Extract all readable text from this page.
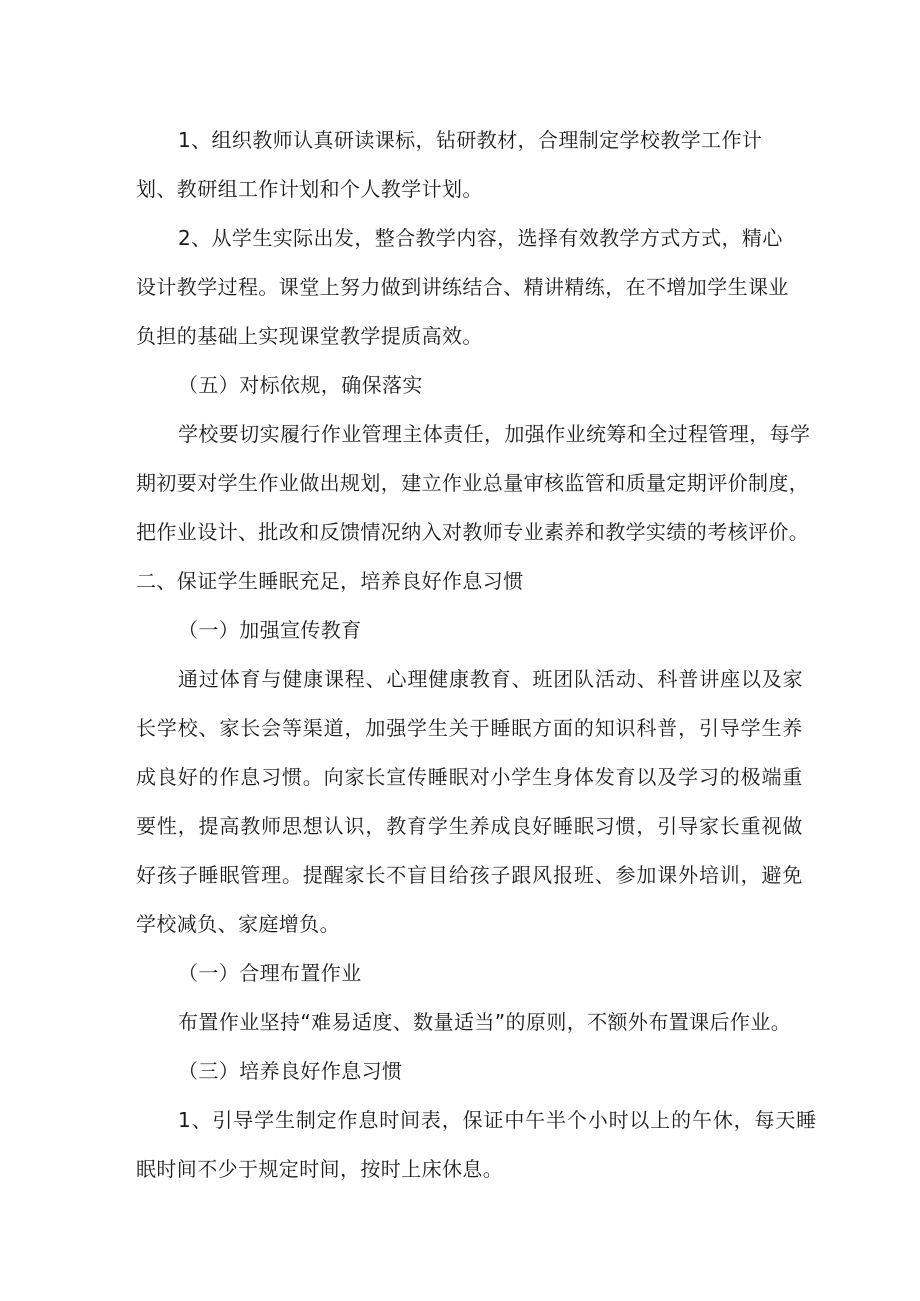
1、组织教师认真研读课标，钻研教材，合理制定学校教学工作计
划、教研组工作计划和个人教学计划。
2、从学生实际出发，整合教学内容，选择有效教学方式方式，精心
设计教学过程。课堂上努力做到讲练结合、精讲精练，在不增加学生课业
负担的基础上实现课堂教学提质高效。
（五）对标依规，确保落实
学校要切实履行作业管理主体责任，加强作业统筹和全过程管理，每学
期初要对学生作业做出规划，建立作业总量审核监管和质量定期评价制度，
把作业设计、批改和反馈情况纳入对教师专业素养和教学实绩的考核评价。
二、保证学生睡眠充足，培养良好作息习惯
（一）加强宣传教育
通过体育与健康课程、心理健康教育、班团队活动、科普讲座以及家
长学校、家长会等渠道，加强学生关于睡眠方面的知识科普，引导学生养
成良好的作息习惯。向家长宣传睡眠对小学生身体发育以及学习的极端重
要性，提高教师思想认识，教育学生养成良好睡眠习惯，引导家长重视做
好孩子睡眠管理。提醒家长不盲目给孩子跟风报班、参加课外培训，避免
学校减负、家庭增负。
（一）合理布置作业
布置作业坚持“难易适度、数量适当”的原则，不额外布置课后作业。
（三）培养良好作息习惯
1、引导学生制定作息时间表，保证中午半个小时以上的午休，每天睡
眠时间不少于规定时间，按时上床休息。
